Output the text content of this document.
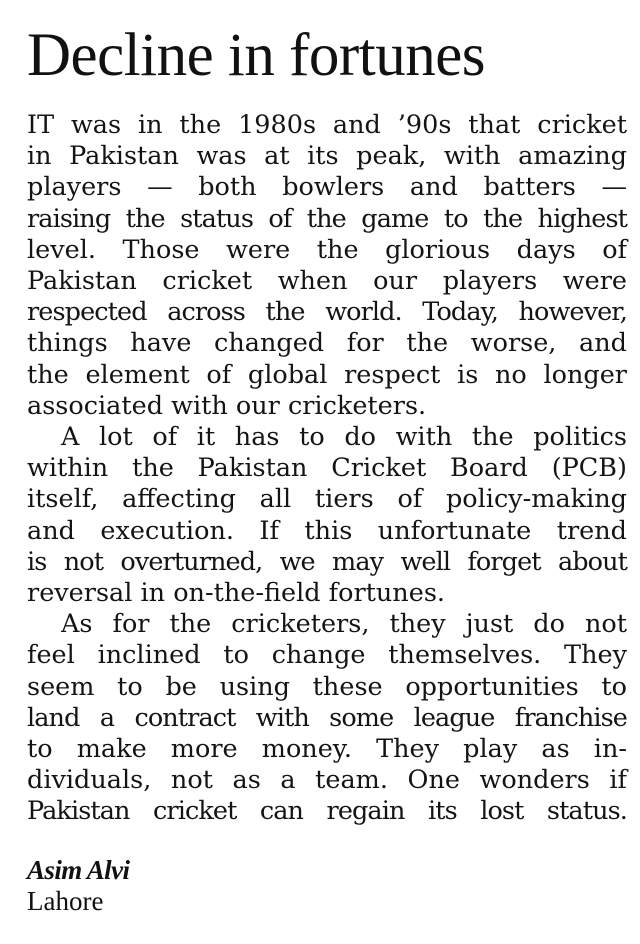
Decline in fortunes

IT was in the 1980s and ’90s that cricket
in Pakistan was at its peak, with amazing
players — both bowlers and batters —
raising the status of the game to the highest
level. Those were the glorious days of
Pakistan cricket when our players were
respected across the world. Today, however,
things have changed for the worse, and
the element of global respect is no longer
associated with our cricketers.

A lot of it has to do with the politics
within the Pakistan Cricket Board (PCB)
itself, affecting all tiers of policy-making
and execution. If this unfortunate trend
is not overturned, we may well forget about
reversal in on-the-field fortunes.

As for the cricketers, they just do not
feel inclined to change themselves. They
seem to be using these opportunities to
land a contract with some league franchise
to make more money. They play as in-
dividuals, not as a team. One wonders if
Pakistan cricket can regain its lost status.

Asim Alvi
Lahore
